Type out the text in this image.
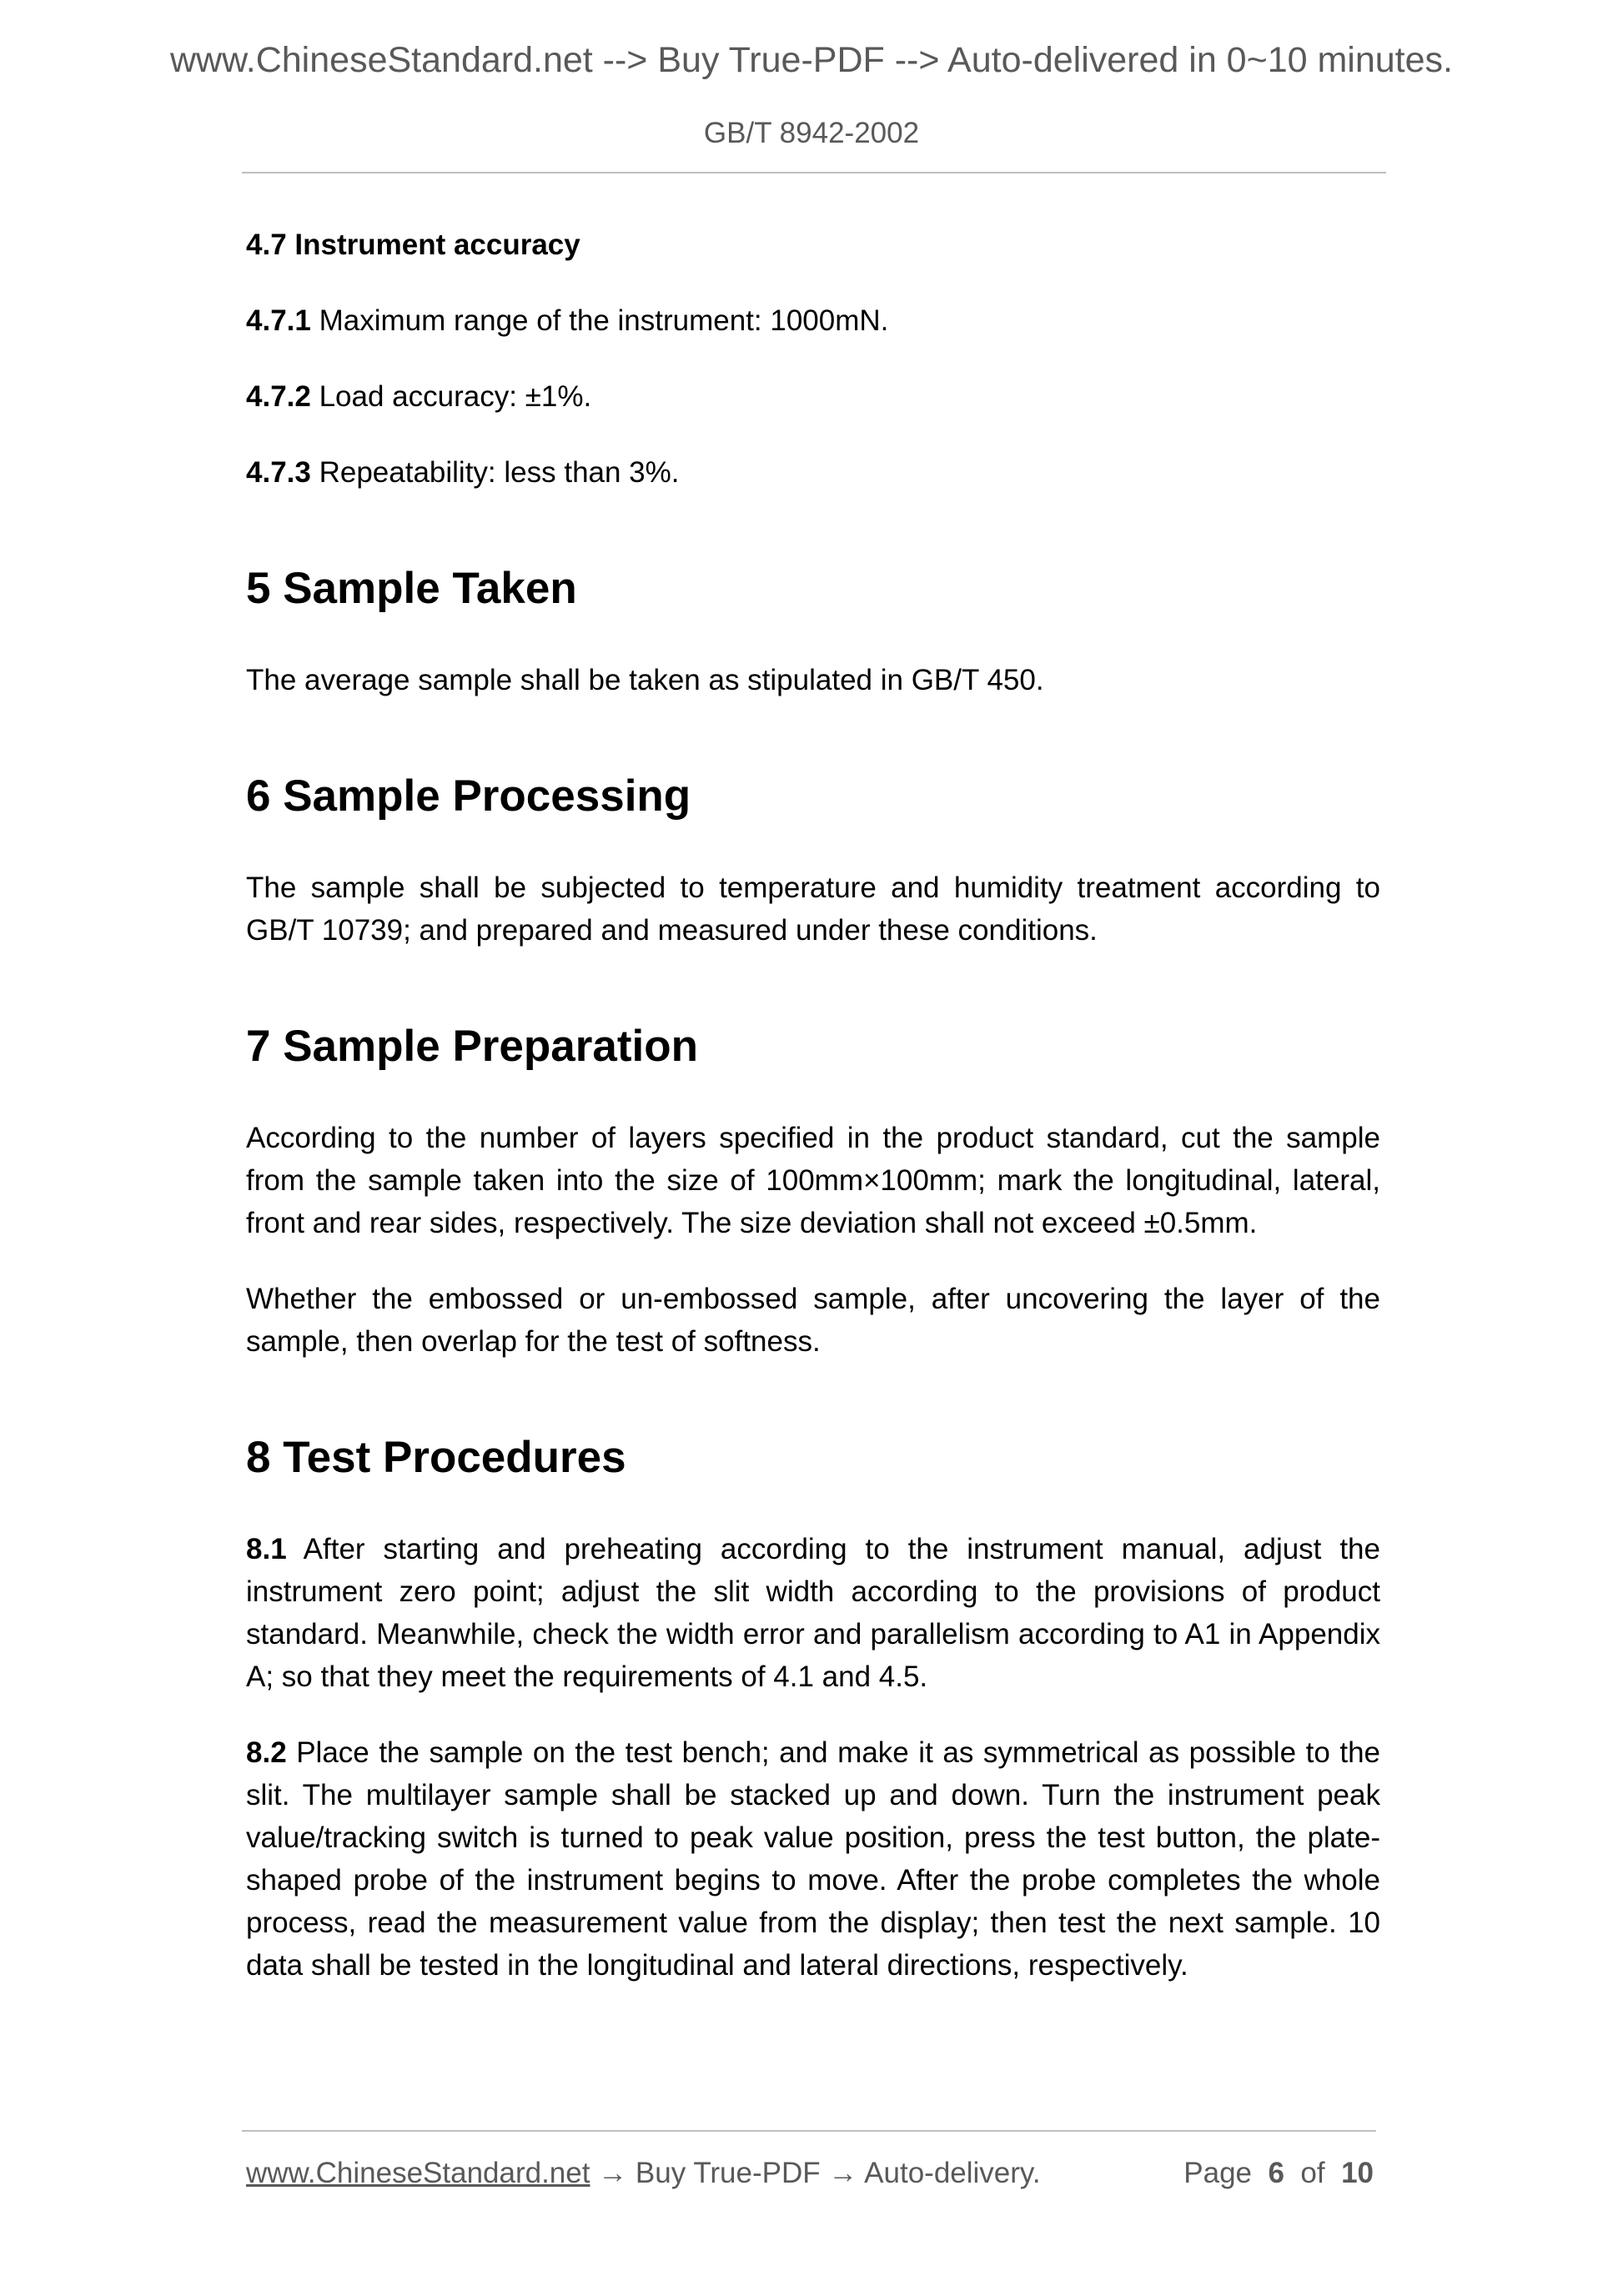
www.ChineseStandard.net --> Buy True-PDF --> Auto-delivered in 0~10 minutes.
GB/T 8942-2002
4.7 Instrument accuracy
4.7.1 Maximum range of the instrument: 1000mN.
4.7.2 Load accuracy: ±1%.
4.7.3 Repeatability: less than 3%.
5 Sample Taken
The average sample shall be taken as stipulated in GB/T 450.
6 Sample Processing
The sample shall be subjected to temperature and humidity treatment according to GB/T 10739; and prepared and measured under these conditions.
7 Sample Preparation
According to the number of layers specified in the product standard, cut the sample from the sample taken into the size of 100mm×100mm; mark the longitudinal, lateral, front and rear sides, respectively. The size deviation shall not exceed ±0.5mm.
Whether the embossed or un-embossed sample, after uncovering the layer of the sample, then overlap for the test of softness.
8 Test Procedures
8.1 After starting and preheating according to the instrument manual, adjust the instrument zero point; adjust the slit width according to the provisions of product standard. Meanwhile, check the width error and parallelism according to A1 in Appendix A; so that they meet the requirements of 4.1 and 4.5.
8.2 Place the sample on the test bench; and make it as symmetrical as possible to the slit. The multilayer sample shall be stacked up and down. Turn the instrument peak value/tracking switch is turned to peak value position, press the test button, the plate-shaped probe of the instrument begins to move. After the probe completes the whole process, read the measurement value from the display; then test the next sample. 10 data shall be tested in the longitudinal and lateral directions, respectively.
www.ChineseStandard.net → Buy True-PDF → Auto-delivery.	Page 6 of 10
